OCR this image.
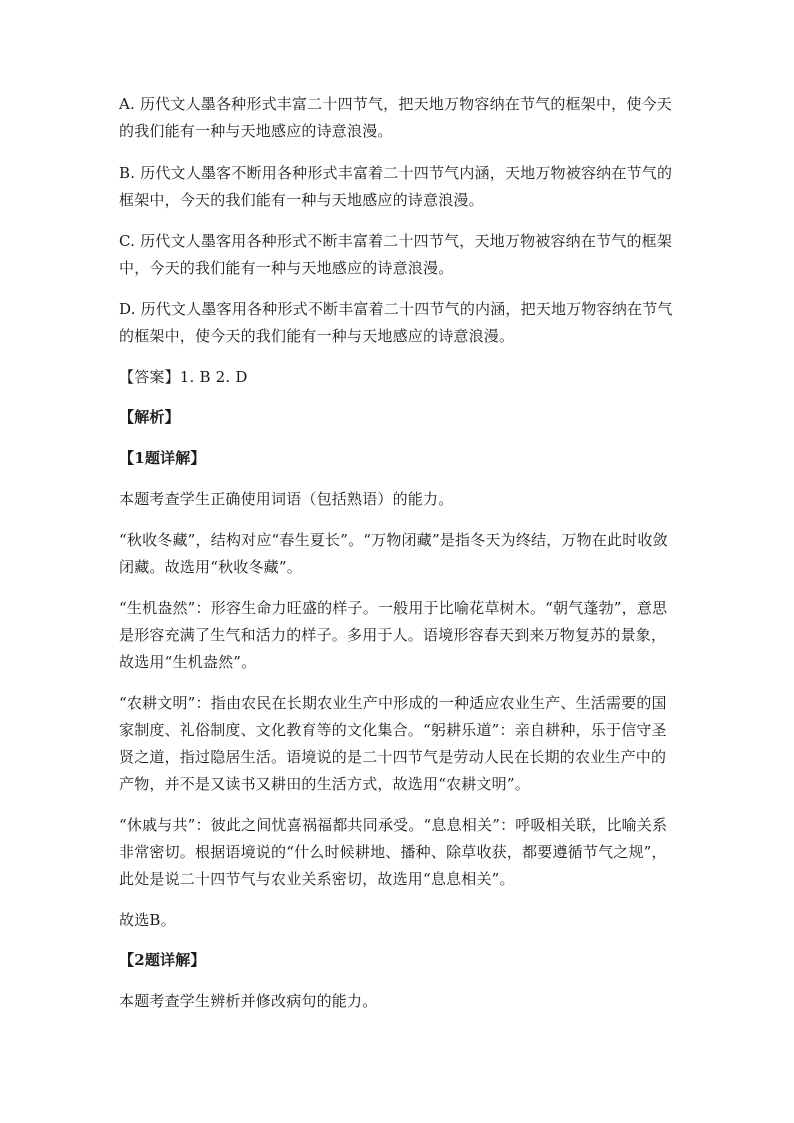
A. 历代文人墨各种形式丰富二十四节气，把天地万物容纳在节气的框架中，使今天的我们能有一种与天地感应的诗意浪漫。

B. 历代文人墨客不断用各种形式丰富着二十四节气内涵，天地万物被容纳在节气的框架中，今天的我们能有一种与天地感应的诗意浪漫。

C. 历代文人墨客用各种形式不断丰富着二十四节气，天地万物被容纳在节气的框架中，今天的我们能有一种与天地感应的诗意浪漫。

D. 历代文人墨客用各种形式不断丰富着二十四节气的内涵，把天地万物容纳在节气的框架中，使今天的我们能有一种与天地感应的诗意浪漫。

【答案】1. B 2. D

【解析】

【1题详解】

本题考查学生正确使用词语（包括熟语）的能力。

“秋收冬藏”，结构对应“春生夏长”。“万物闭藏”是指冬天为终结，万物在此时收敛闭藏。故选用“秋收冬藏”。

“生机盎然”：形容生命力旺盛的样子。一般用于比喻花草树木。“朝气蓬勃”，意思是形容充满了生气和活力的样子。多用于人。语境形容春天到来万物复苏的景象，故选用“生机盎然”。

“农耕文明”：指由农民在长期农业生产中形成的一种适应农业生产、生活需要的国家制度、礼俗制度、文化教育等的文化集合。“躬耕乐道”：亲自耕种，乐于信守圣贤之道，指过隐居生活。语境说的是二十四节气是劳动人民在长期的农业生产中的产物，并不是又读书又耕田的生活方式，故选用“农耕文明”。

“休戚与共”：彼此之间忧喜祸福都共同承受。“息息相关”：呼吸相关联，比喻关系非常密切。根据语境说的“什么时候耕地、播种、除草收获，都要遵循节气之规”，此处是说二十四节气与农业关系密切，故选用“息息相关”。

故选B。

【2题详解】

本题考查学生辨析并修改病句的能力。
